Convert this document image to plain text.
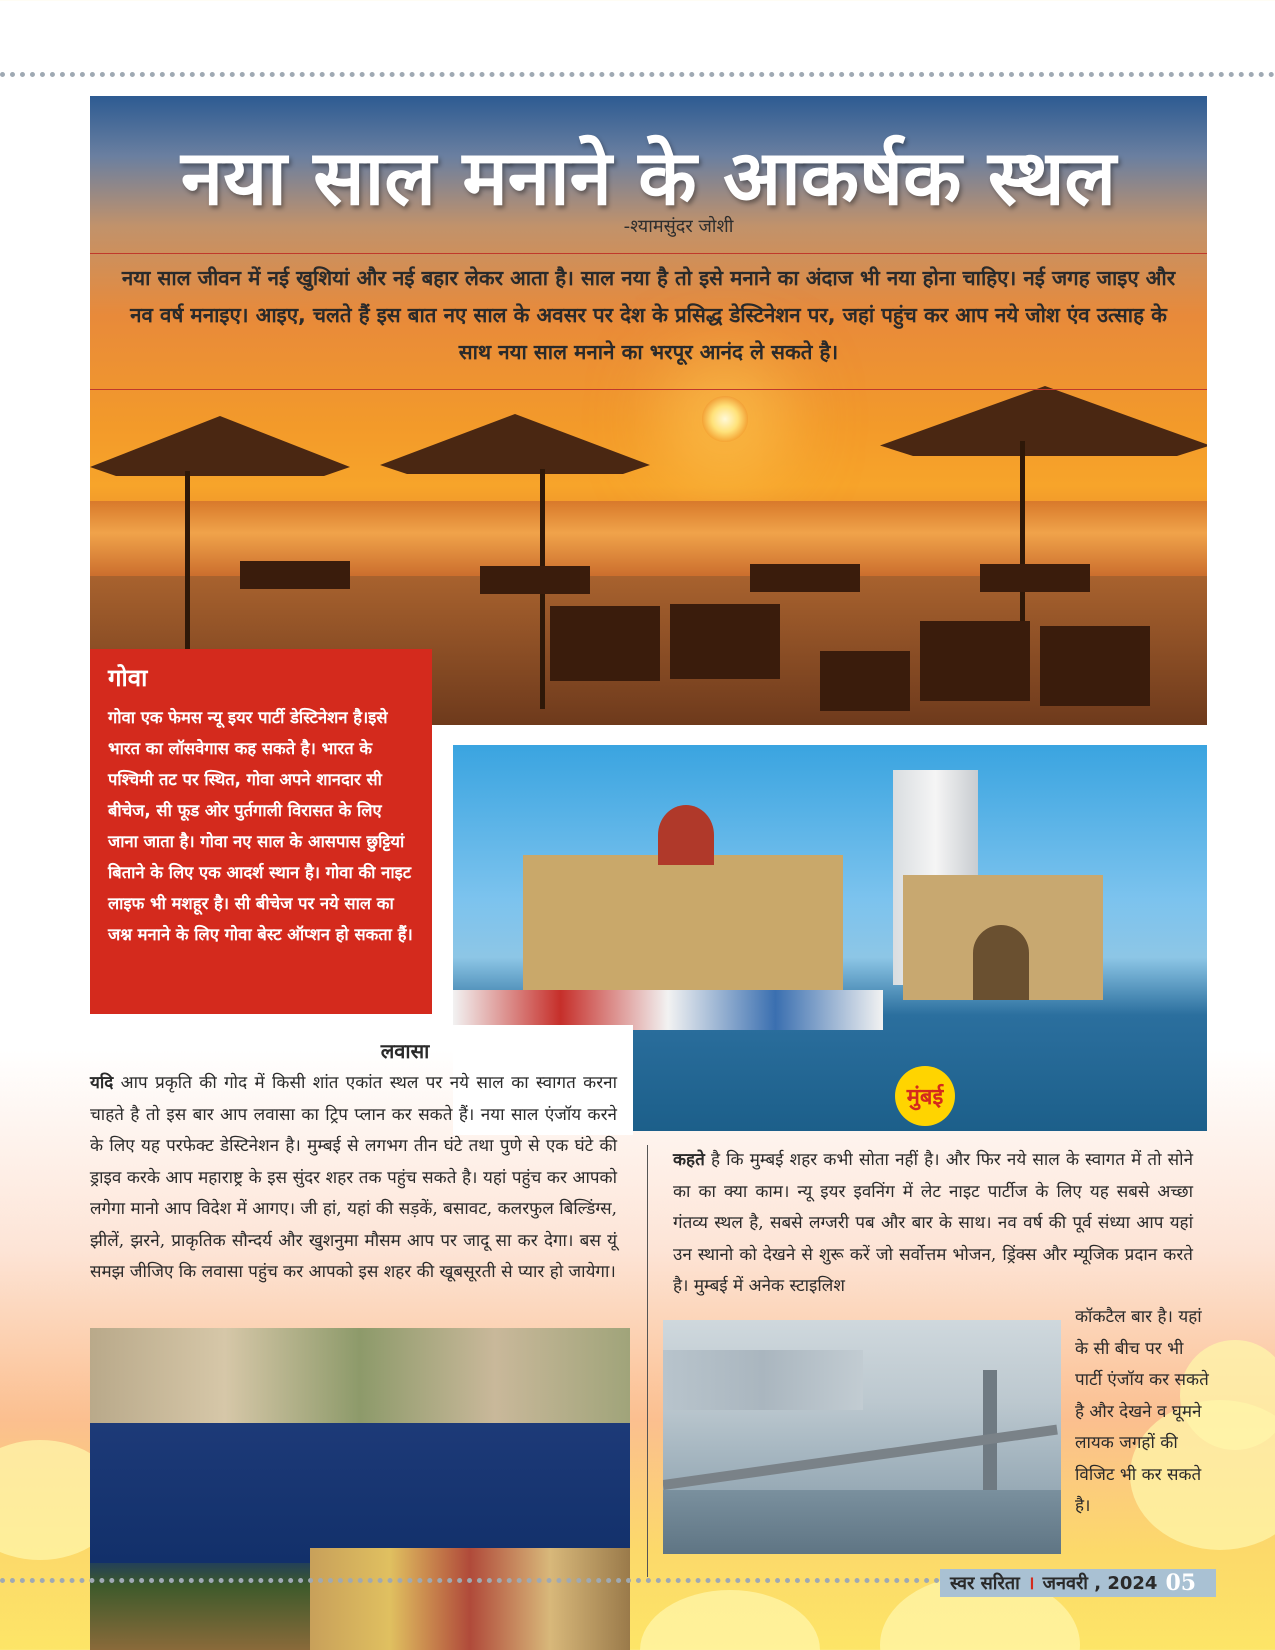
नया साल मनाने के आकर्षक स्थल
-श्यामसुंदर जोशी
नया साल जीवन में नई खुशियां और नई बहार लेकर आता है। साल नया है तो इसे मनाने का अंदाज भी नया होना चाहिए। नई जगह जाइए और नव वर्ष मनाइए। आइए, चलते हैं इस बात नए साल के अवसर पर देश के प्रसिद्ध डेस्टिनेशन पर, जहां पहुंच कर आप नये जोश एंव उत्साह के साथ नया साल मनाने का भरपूर आनंद ले सकते है।
गोवा
गोवा एक फेमस न्यू इयर पार्टी डेस्टिनेशन है।इसे भारत का लॉसवेगास कह सकते है। भारत के पश्चिमी तट पर स्थित, गोवा अपने शानदार सी बीचेज, सी फूड ओर पुर्तगाली विरासत के लिए जाना जाता है। गोवा नए साल के आसपास छुट्टियां बिताने के लिए एक आदर्श स्थान है। गोवा की नाइट लाइफ भी मशहूर है। सी बीचेज पर नये साल का जश्न मनाने के लिए गोवा बेस्ट ऑप्शन हो सकता हैं।
मुंबई
लवासा
यदि आप प्रकृति की गोद में किसी शांत एकांत स्थल पर नये साल का स्वागत करना चाहते है तो इस बार आप लवासा का ट्रिप प्लान कर सकते हैं। नया साल एंजॉय करने के लिए यह परफेक्ट डेस्टिनेशन है। मुम्बई से लगभग तीन घंटे तथा पुणे से एक घंटे की ड्राइव करके आप महाराष्ट्र के इस सुंदर शहर तक पहुंच सकते है। यहां पहुंच कर आपको लगेगा मानो आप विदेश में आगए। जी हां, यहां की सड़कें, बसावट, कलरफुल बिल्डिंग्स, झीलें, झरने, प्राकृतिक सौन्दर्य और खुशनुमा मौसम आप पर जादू सा कर देगा। बस यूं समझ जीजिए कि लवासा पहुंच कर आपको इस शहर की खूबसूरती से प्यार हो जायेगा।
कहते है कि मुम्बई शहर कभी सोता नहीं है। और फिर नये साल के स्वागत में तो सोने का का क्या काम। न्यू इयर इवनिंग में लेट नाइट पार्टीज के लिए यह सबसे अच्छा गंतव्य स्थल है, सबसे लग्जरी पब और बार के साथ। नव वर्ष की पूर्व संध्या आप यहां उन स्थानो को देखने से शुरू करें जो सर्वोत्तम भोजन, ड्रिंक्स और म्यूजिक प्रदान करते है। मुम्बई में अनेक स्टाइलिश
कॉकटैल बार है। यहां के सी बीच पर भी पार्टी एंजॉय कर सकते है और देखने व घूमने लायक जगहों की विजिट भी कर सकते है।
स्वर सरिता । जनवरी , 2024 05
